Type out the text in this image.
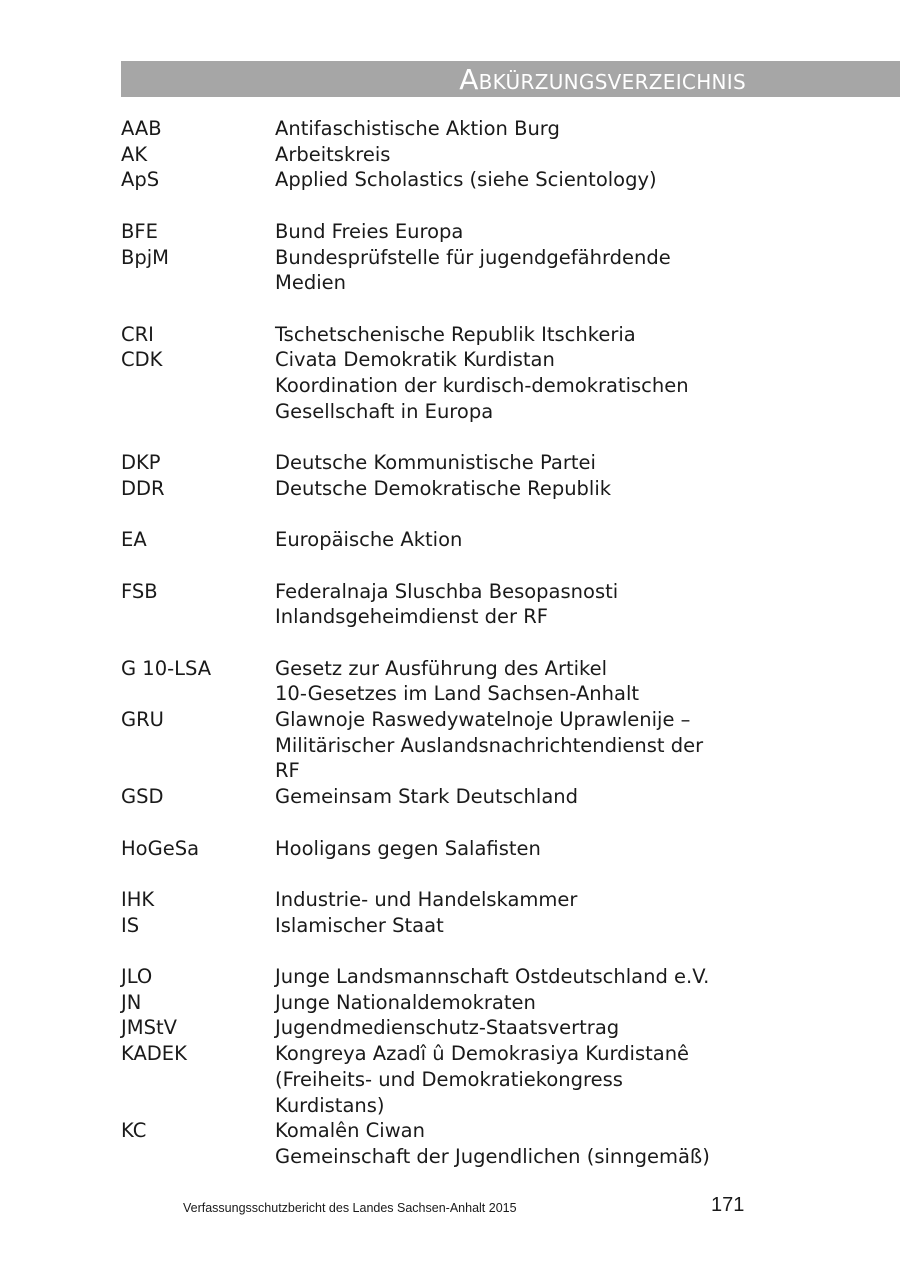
Abkürzungsverzeichnis
AAB	Antifaschistische Aktion Burg
AK	Arbeitskreis
ApS	Applied Scholastics (siehe Scientology)
BFE	Bund Freies Europa
BpjM	Bundesprüfstelle für jugendgefährdende
Medien
CRI	Tschetschenische Republik Itschkeria
CDK	Civata Demokratik Kurdistan
Koordination der kurdisch-demokratischen
Gesellschaft in Europa
DKP	Deutsche Kommunistische Partei
DDR	Deutsche Demokratische Republik
EA	Europäische Aktion
FSB	Federalnaja Sluschba Besopasnosti
Inlandsgeheimdienst der RF
G 10-LSA	Gesetz zur Ausführung des Artikel
10-Gesetzes im Land Sachsen-Anhalt
GRU	Glawnoje Raswedywatelnoje Uprawlenije –
Militärischer Auslandsnachrichtendienst der
RF
GSD	Gemeinsam Stark Deutschland
HoGeSa	Hooligans gegen Salafisten
IHK	Industrie- und Handelskammer
IS	Islamischer Staat
JLO	Junge Landsmannschaft Ostdeutschland e.V.
JN	Junge Nationaldemokraten
JMStV	Jugendmedienschutz-Staatsvertrag
KADEK	Kongreya Azadî û Demokrasiya Kurdistanê
(Freiheits- und Demokratiekongress
Kurdistans)
KC	Komalên Ciwan
Gemeinschaft der Jugendlichen (sinngemäß)
Verfassungsschutzbericht des Landes Sachsen-Anhalt 2015	171
